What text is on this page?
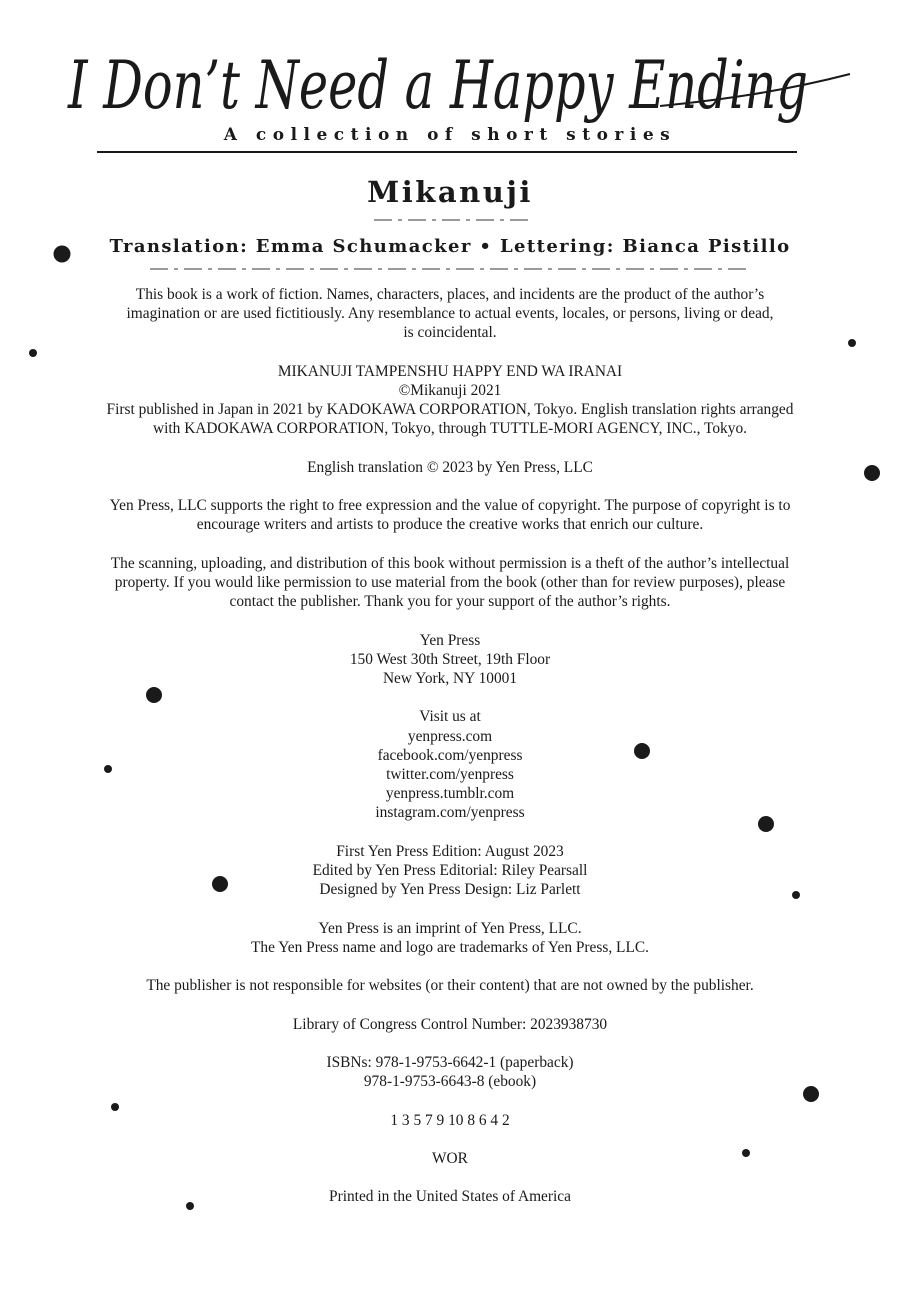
I Don’t Need a Happy Ending
A collection of short stories
Mikanuji
Translation: Emma Schumacker • Lettering: Bianca Pistillo

This book is a work of fiction. Names, characters, places, and incidents are the product of the author’s
imagination or are used fictitiously. Any resemblance to actual events, locales, or persons, living or dead,
is coincidental.

MIKANUJI TAMPENSHU HAPPY END WA IRANAI
©Mikanuji 2021
First published in Japan in 2021 by KADOKAWA CORPORATION, Tokyo. English translation rights arranged
with KADOKAWA CORPORATION, Tokyo, through TUTTLE-MORI AGENCY, INC., Tokyo.

English translation © 2023 by Yen Press, LLC

Yen Press, LLC supports the right to free expression and the value of copyright. The purpose of copyright is to
encourage writers and artists to produce the creative works that enrich our culture.

The scanning, uploading, and distribution of this book without permission is a theft of the author’s intellectual
property. If you would like permission to use material from the book (other than for review purposes), please
contact the publisher. Thank you for your support of the author’s rights.

Yen Press
150 West 30th Street, 19th Floor
New York, NY 10001

Visit us at
yenpress.com
facebook.com/yenpress
twitter.com/yenpress
yenpress.tumblr.com
instagram.com/yenpress

First Yen Press Edition: August 2023
Edited by Yen Press Editorial: Riley Pearsall
Designed by Yen Press Design: Liz Parlett

Yen Press is an imprint of Yen Press, LLC.
The Yen Press name and logo are trademarks of Yen Press, LLC.

The publisher is not responsible for websites (or their content) that are not owned by the publisher.

Library of Congress Control Number: 2023938730

ISBNs: 978-1-9753-6642-1 (paperback)
978-1-9753-6643-8 (ebook)

1 3 5 7 9 10 8 6 4 2

WOR

Printed in the United States of America
